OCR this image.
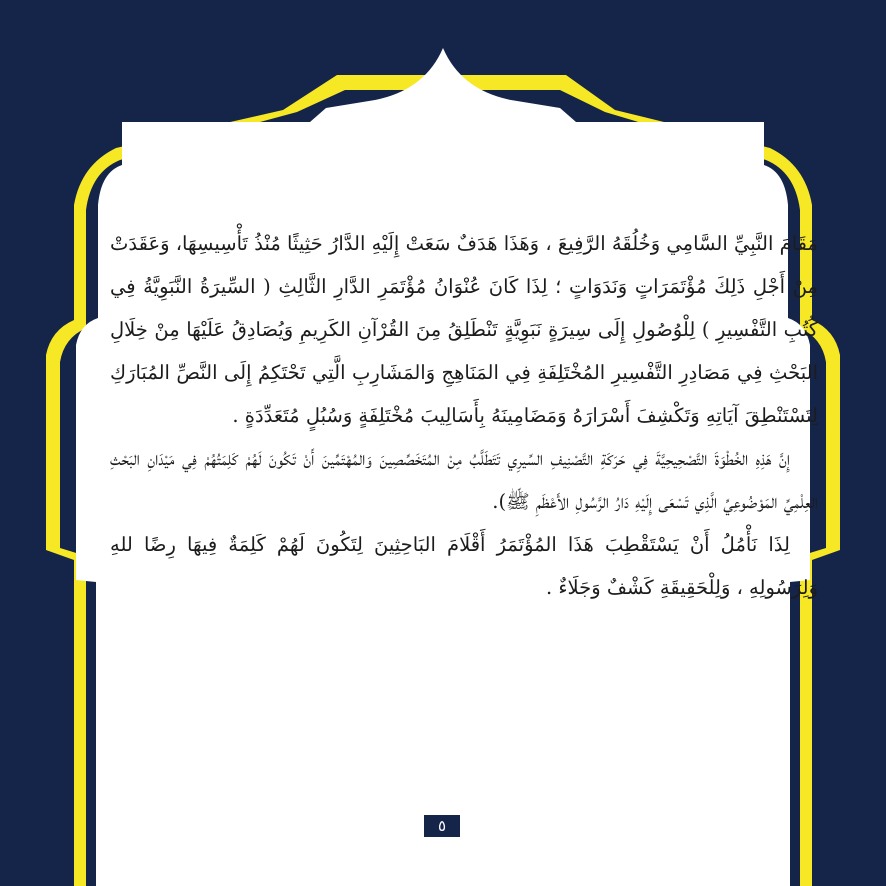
مَقَامَ النَّبِيِّ السَّامِي وَخُلُقَهُ الرَّفِيعَ ، وَهَذَا هَدَفٌ سَعَتْ إِلَيْهِ الدَّارُ حَثِيثًا مُنْذُ تَأْسِيسِهَا، وَعَقَدَتْ مِنْ أَجْلِ ذَلِكَ مُؤْتَمَرَاتٍ وَنَدَوَاتٍ ؛ لِذَا كَانَ عُنْوَانُ مُؤْتَمَرِ الدَّارِ الثَّالِثِ ( السِّيرَةُ النَّبَوِيَّةُ فِي كُتُبِ التَّفْسِيرِ ) لِلْوُصُولِ إِلَى سِيرَةٍ نَبَوِيَّةٍ تَنْطَلِقُ مِنَ القُرْآنِ الكَرِيمِ وَيُصَادِقُ عَلَيْهَا مِنْ خِلَالِ البَحْثِ فِي مَصَادِرِ التَّفْسِيرِ المُخْتَلِفَةِ فِي المَنَاهِجِ وَالمَشَارِبِ الَّتِي تَحْتَكِمُ إِلَى النَّصِّ المُبَارَكِ لِتَسْتَنْطِقَ آيَاتِهِ وَتَكْشِفَ أَسْرَارَهُ وَمَضَامِينَهُ بِأَسَالِيبَ مُخْتَلِفَةٍ وَسُبُلٍ مُتَعَدِّدَةٍ .

إِنَّ هَذِهِ الخُطْوَةَ التَّصْحِيحِيَّةَ فِي حَرَكَةِ التَّصْنِيفِ السِّيرِي تَتَطَلَّبُ مِنْ المُتَخَصِّصِينَ وَالمُهْتَمِّينَ أَنْ تَكُونَ لَهُمْ كَلِمَتُهُمْ فِي مَيْدَانِ البَحْثِ العِلْمِيِّ المَوْضُوعِيِّ الَّذِي تَسْعَى إِلَيْهِ دَارُ الرَّسُولِ الأَعْظَمِ ﷺ).

لِذَا نَأْمُلُ أَنْ يَسْتَقْطِبَ هَذَا المُؤْتَمَرُ أَقْلَامَ البَاحِثِينَ لِتَكُونَ لَهُمْ كَلِمَةٌ فِيهَا رِضًا للهِ وَلِرَسُولِهِ ، وَلِلْحَقِيقَةِ كَشْفٌ وَجَلَاءٌ .

٥
